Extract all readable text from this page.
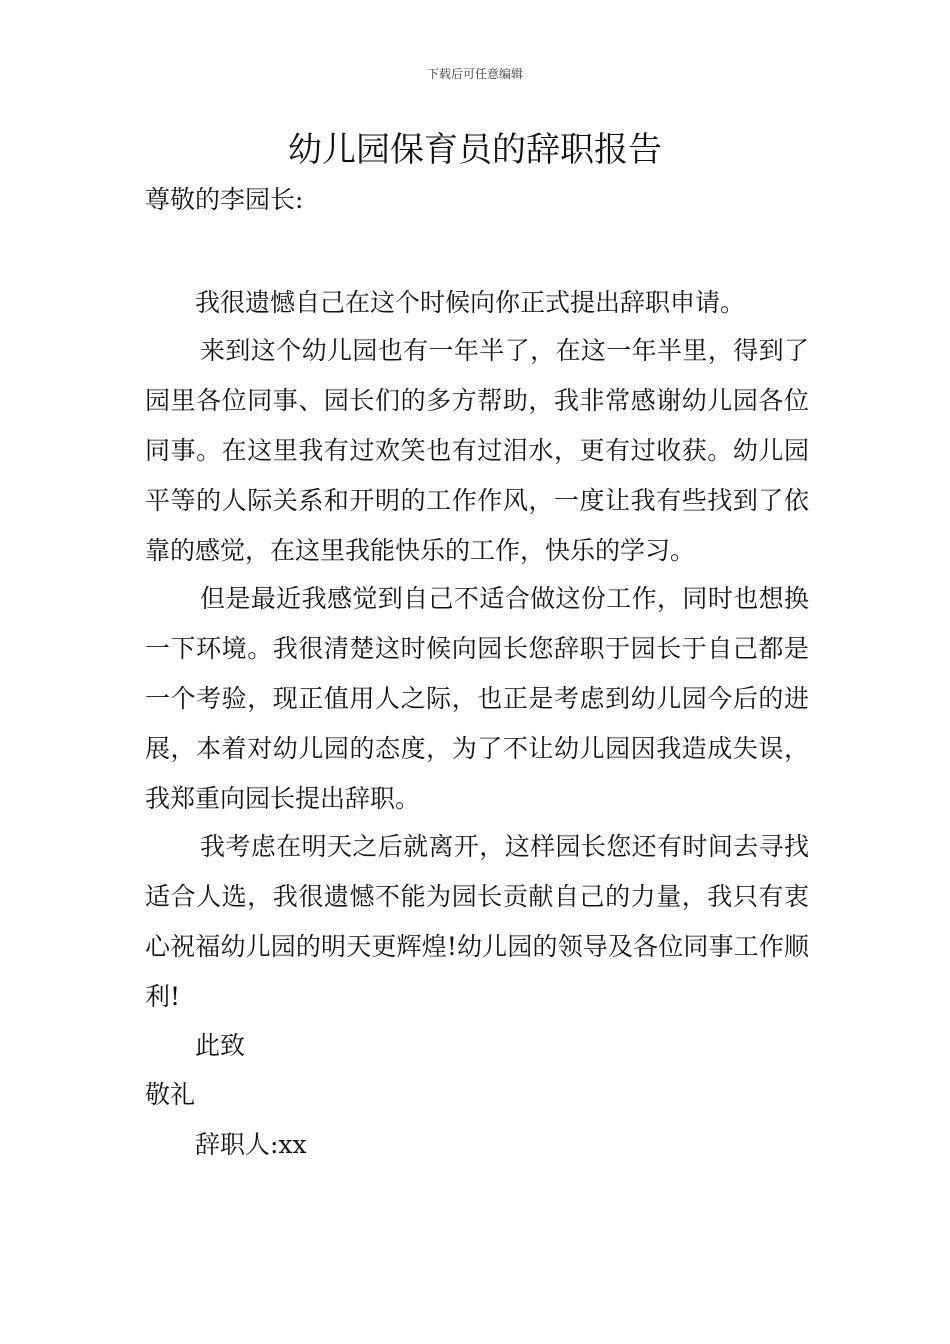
下载后可任意编辑
幼儿园保育员的辞职报告
尊敬的李园长:

我很遗憾自己在这个时候向你正式提出辞职申请。

来到这个幼儿园也有一年半了，在这一年半里，得到了园里各位同事、园长们的多方帮助，我非常感谢幼儿园各位同事。在这里我有过欢笑也有过泪水，更有过收获。幼儿园平等的人际关系和开明的工作作风，一度让我有些找到了依靠的感觉，在这里我能快乐的工作，快乐的学习。

但是最近我感觉到自己不适合做这份工作，同时也想换一下环境。我很清楚这时候向园长您辞职于园长于自己都是一个考验，现正值用人之际，也正是考虑到幼儿园今后的进展，本着对幼儿园的态度，为了不让幼儿园因我造成失误，我郑重向园长提出辞职。

我考虑在明天之后就离开，这样园长您还有时间去寻找适合人选，我很遗憾不能为园长贡献自己的力量，我只有衷心祝福幼儿园的明天更辉煌!幼儿园的领导及各位同事工作顺利!

此致
敬礼
辞职人:xx
